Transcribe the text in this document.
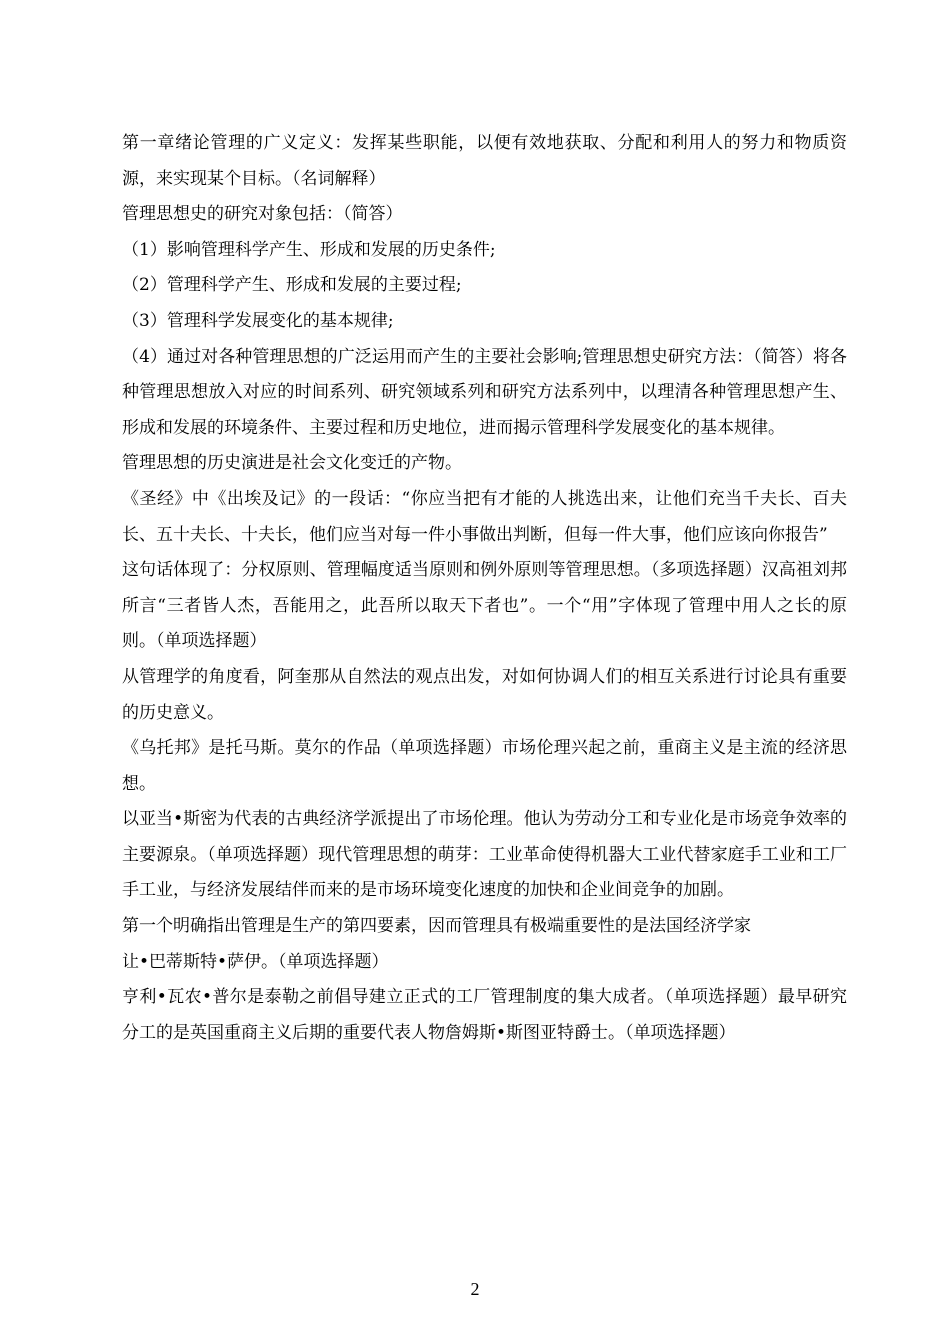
第一章绪论管理的广义定义：发挥某些职能，以便有效地获取、分配和利用人的努力和物质资源，来实现某个目标。（名词解释）

管理思想史的研究对象包括：（简答）

（1）影响管理科学产生、形成和发展的历史条件;

（2）管理科学产生、形成和发展的主要过程;

（3）管理科学发展变化的基本规律;

（4）通过对各种管理思想的广泛运用而产生的主要社会影响;管理思想史研究方法：（简答）将各种管理思想放入对应的时间系列、研究领域系列和研究方法系列中，以理清各种管理思想产生、形成和发展的环境条件、主要过程和历史地位，进而揭示管理科学发展变化的基本规律。

管理思想的历史演进是社会文化变迁的产物。

《圣经》中《出埃及记》的一段话：“你应当把有才能的人挑选出来，让他们充当千夫长、百夫长、五十夫长、十夫长，他们应当对每一件小事做出判断，但每一件大事，他们应该向你报告”

这句话体现了：分权原则、管理幅度适当原则和例外原则等管理思想。（多项选择题）汉高祖刘邦所言“三者皆人杰，吾能用之，此吾所以取天下者也”。一个“用”字体现了管理中用人之长的原则。（单项选择题）

从管理学的角度看，阿奎那从自然法的观点出发，对如何协调人们的相互关系进行讨论具有重要的历史意义。

《乌托邦》是托马斯。莫尔的作品（单项选择题）市场伦理兴起之前，重商主义是主流的经济思想。

以亚当•斯密为代表的古典经济学派提出了市场伦理。他认为劳动分工和专业化是市场竞争效率的主要源泉。（单项选择题）现代管理思想的萌芽：工业革命使得机器大工业代替家庭手工业和工厂手工业，与经济发展结伴而来的是市场环境变化速度的加快和企业间竞争的加剧。

第一个明确指出管理是生产的第四要素，因而管理具有极端重要性的是法国经济学家

让•巴蒂斯特•萨伊。（单项选择题）

亨利•瓦农•普尔是泰勒之前倡导建立正式的工厂管理制度的集大成者。（单项选择题）最早研究分工的是英国重商主义后期的重要代表人物詹姆斯•斯图亚特爵士。（单项选择题）

2
